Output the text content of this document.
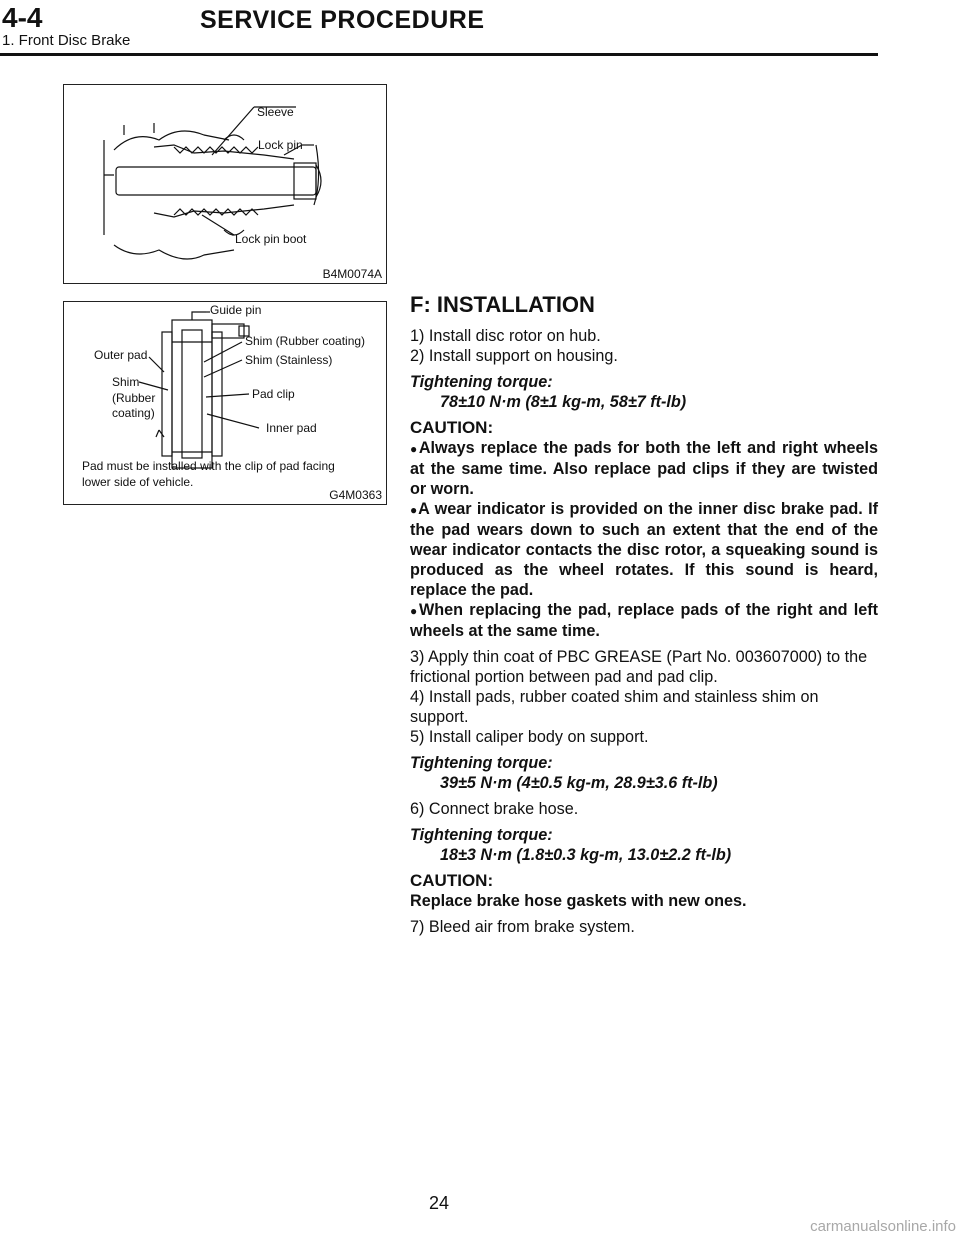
4-4	SERVICE PROCEDURE
1. Front Disc Brake
Sleeve
Lock pin
Lock pin boot
B4M0074A
Guide pin
Outer pad
Shim (Rubber coating)
Shim (Stainless)
Shim
(Rubber
coating)
Pad clip
Inner pad
Pad must be installed with the clip of pad facing
lower side of vehicle.
G4M0363

F: INSTALLATION

1) Install disc rotor on hub.

2) Install support on housing.

Tightening torque:

78±10 N·m (8±1 kg-m, 58±7 ft-lb)

CAUTION:

●Always replace the pads for both the left and right wheels at the same time. Also replace pad clips if they are twisted or worn.

●A wear indicator is provided on the inner disc brake pad. If the pad wears down to such an extent that the end of the wear indicator contacts the disc rotor, a squeaking sound is produced as the wheel rotates. If this sound is heard, replace the pad.

●When replacing the pad, replace pads of the right and left wheels at the same time.

3) Apply thin coat of PBC GREASE (Part No. 003607000) to the frictional portion between pad and pad clip.

4) Install pads, rubber coated shim and stainless shim on support.

5) Install caliper body on support.

Tightening torque:

39±5 N·m (4±0.5 kg-m, 28.9±3.6 ft-lb)

6) Connect brake hose.

Tightening torque:

18±3 N·m (1.8±0.3 kg-m, 13.0±2.2 ft-lb)

CAUTION:

Replace brake hose gaskets with new ones.

7) Bleed air from brake system.

24
carmanualsonline.info
